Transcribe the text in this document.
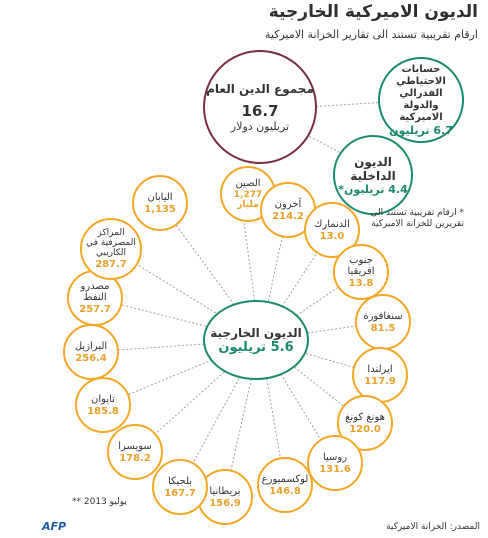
الديون الاميركية الخارجية
ارقام تقريبية تستند الى تقارير الخزانة الاميركية
مجموع الدين العام
16.7
تريليون دولار
حسابات الاحتياطي الفدرالي والدولة الاميركية
6.7 تريليون
الديون الداخلية
4.4 تريليون*
* ارقام تقريبية تستند الى تقريرين للخزانة الاميركية
الديون الخارجية
5.6 تريليون
الصين
1,277 مليار	آخرون
214.2
الدنمارك
13.0
جنوب افريقيا
13.8
سنغافورة
81.5
ايرلندا
117.9
هونغ كونغ
120.0
روسيا
131.6
لوكسمبورغ
146.8
بريطانيا
156.9
بلجيكا
167.7
سويسرا
178.2
تايوان
185.8
البرازيل
256.4
مصدرو النفط
257.7
المراكز المصرفية في الكاريبي
287.7
اليابان
1,135
** يوليو 2013
AFP	المصدر: الخزانة الاميركية
